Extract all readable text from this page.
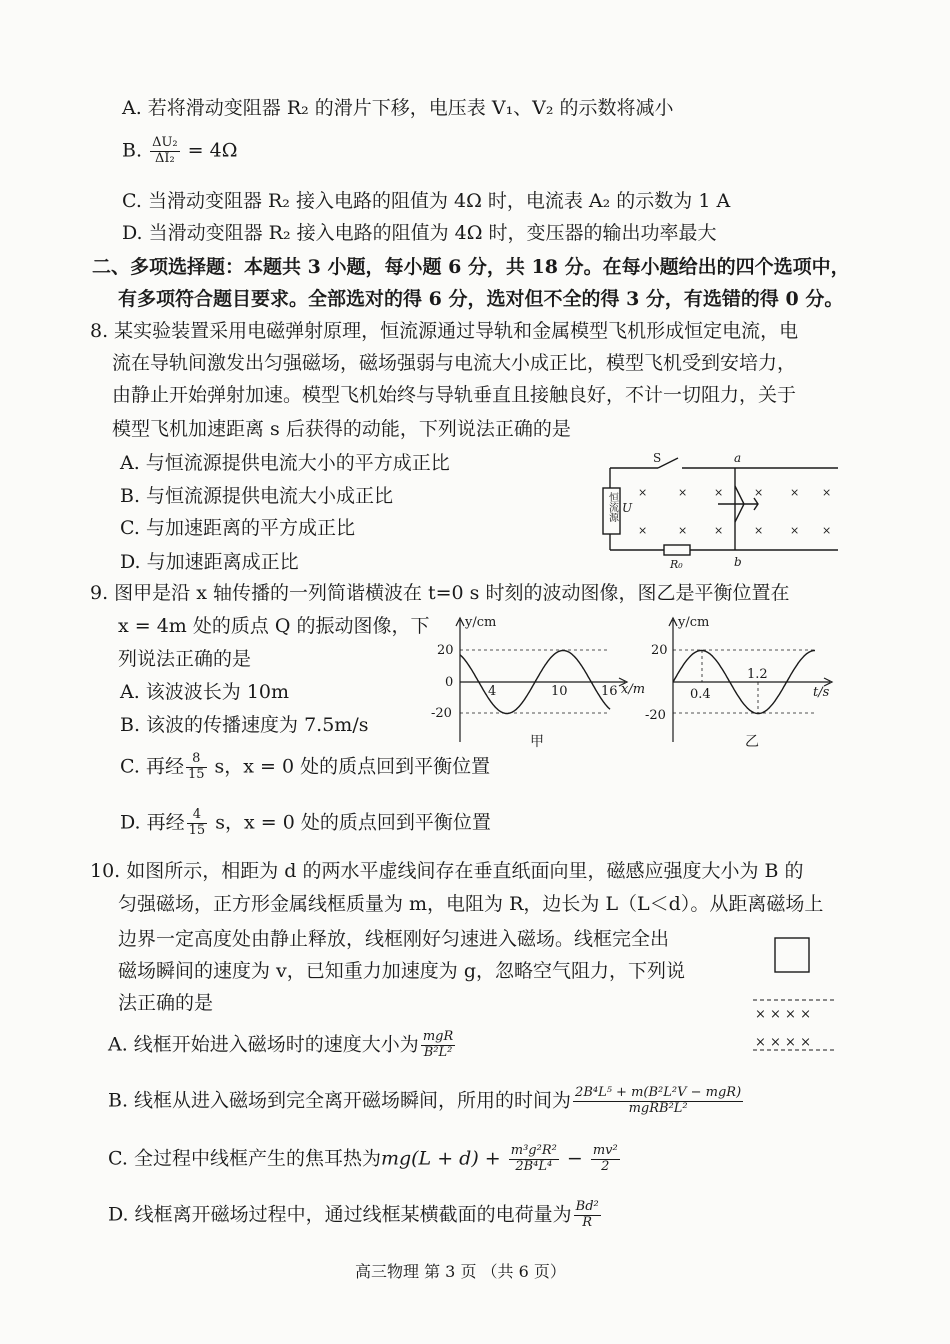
A. 若将滑动变阻器 R₂ 的滑片下移，电压表 V₁、V₂ 的示数将减小
B. $\frac{\text{ΔU₂}}{\text{ΔI₂}} = 4\Omega$
C. 当滑动变阻器 R₂ 接入电路的阻值为 4Ω 时，电流表 A₂ 的示数为 1 A
D. 当滑动变阻器 R₂ 接入电路的阻值为 4Ω 时，变压器的输出功率最大
二、多项选择题：本题共 3 小题，每小题 6 分，共 18 分。在每小题给出的四个选项中，
有多项符合题目要求。全部选对的得 6 分，选对但不全的得 3 分，有选错的得 0 分。
8. 某实验装置采用电磁弹射原理，恒流源通过导轨和金属模型飞机形成恒定电流，电
流在导轨间激发出匀强磁场，磁场强弱与电流大小成正比，模型飞机受到安培力，
由静止开始弹射加速。模型飞机始终与导轨垂直且接触良好，不计一切阻力，关于
模型飞机加速距离 s 后获得的动能，下列说法正确的是
A. 与恒流源提供电流大小的平方成正比
B. 与恒流源提供电流大小成正比
C. 与加速距离的平方成正比
D. 与加速距离成正比
S	a
b
恒流源 U
R₀
×	× ×	× × ×
×	× ×	× × ×
9. 图甲是沿 x 轴传播的一列简谐横波在 t=0 s 时刻的波动图像，图乙是平衡位置在
x = 4m 处的质点 Q 的振动图像，下
列说法正确的是
A. 该波波长为 10m
B. 该波的传播速度为 7.5m/s
C. 再经 $\frac{8}{15}$ s，x = 0 处的质点回到平衡位置
D. 再经 $\frac{4}{15}$ s，x = 0 处的质点回到平衡位置
y/cm
20
0
-20
4	10	16 x/m
甲
y/cm
20
-20
0.4
1.2
t/s
乙
10. 如图所示，相距为 d 的两水平虚线间存在垂直纸面向里，磁感应强度大小为 B 的
匀强磁场，正方形金属线框质量为 m，电阻为 R，边长为 L（L＜d）。从距离磁场上
边界一定高度处由静止释放，线框刚好匀速进入磁场。线框完全出
磁场瞬间的速度为 v，已知重力加速度为 g，忽略空气阻力，下列说
法正确的是
× × × ×
× × × ×
A. 线框开始进入磁场时的速度大小为 $\frac{\text{mgR}}{\text{B²L²}}$
B. 线框从进入磁场到完全离开磁场瞬间，所用的时间为 $\frac{\text{2B⁴L⁵ + m(B²L²V − mgR)}}{\text{mgRB²L²}}$
C. 全过程中线框产生的焦耳热为$mg(L + d) + \frac{\text{m³g²R²}}{\text{2B⁴L⁴}} - \frac{\text{mv²}}{2}$
D. 线框离开磁场过程中，通过线框某横截面的电荷量为 $\frac{\text{Bd²}}{R}$
高三物理 第 3 页 （共 6 页）
